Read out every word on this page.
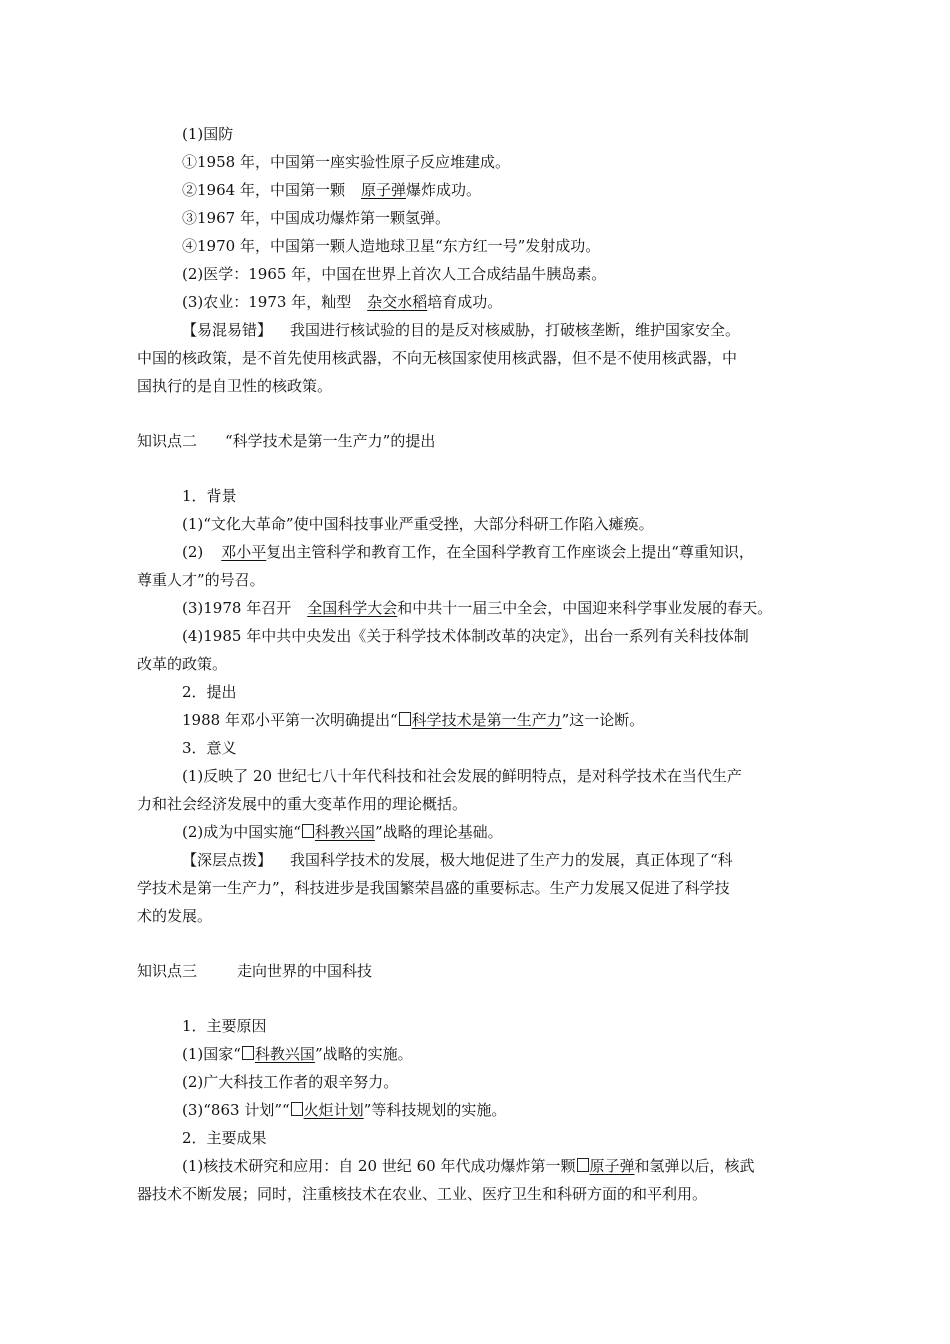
(1)国防
①1958 年，中国第一座实验性原子反应堆建成。
②1964 年，中国第一颗 原子弹爆炸成功。
③1967 年，中国成功爆炸第一颗氢弹。
④1970 年，中国第一颗人造地球卫星“东方红一号”发射成功。
(2)医学：1965 年，中国在世界上首次人工合成结晶牛胰岛素。
(3)农业：1973 年，籼型 杂交水稻培育成功。
【易混易错】 我国进行核试验的目的是反对核威胁，打破核垄断，维护国家安全。
中国的核政策，是不首先使用核武器，不向无核国家使用核武器，但不是不使用核武器，中
国执行的是自卫性的核政策。
知识点二 “科学技术是第一生产力”的提出
1．背景
(1)“文化大革命”使中国科技事业严重受挫，大部分科研工作陷入瘫痪。
(2) 邓小平复出主管科学和教育工作，在全国科学教育工作座谈会上提出“尊重知识，
尊重人才”的号召。
(3)1978 年召开 全国科学大会和中共十一届三中全会，中国迎来科学事业发展的春天。
(4)1985 年中共中央发出《关于科学技术体制改革的决定》，出台一系列有关科技体制
改革的政策。
2．提出
1988 年邓小平第一次明确提出“ 科学技术是第一生产力”这一论断。
3．意义
(1)反映了 20 世纪七八十年代科技和社会发展的鲜明特点，是对科学技术在当代生产
力和社会经济发展中的重大变革作用的理论概括。
(2)成为中国实施“ 科教兴国”战略的理论基础。
【深层点拨】 我国科学技术的发展，极大地促进了生产力的发展，真正体现了“科
学技术是第一生产力”，科技进步是我国繁荣昌盛的重要标志。生产力发展又促进了科学技
术的发展。
知识点三	走向世界的中国科技
1．主要原因
(1)国家“ 科教兴国”战略的实施。
(2)广大科技工作者的艰辛努力。
(3)“863 计划”“ 火炬计划”等科技规划的实施。
2．主要成果
(1)核技术研究和应用：自 20 世纪 60 年代成功爆炸第一颗 原子弹和氢弹以后，核武
器技术不断发展；同时，注重核技术在农业、工业、医疗卫生和科研方面的和平利用。
